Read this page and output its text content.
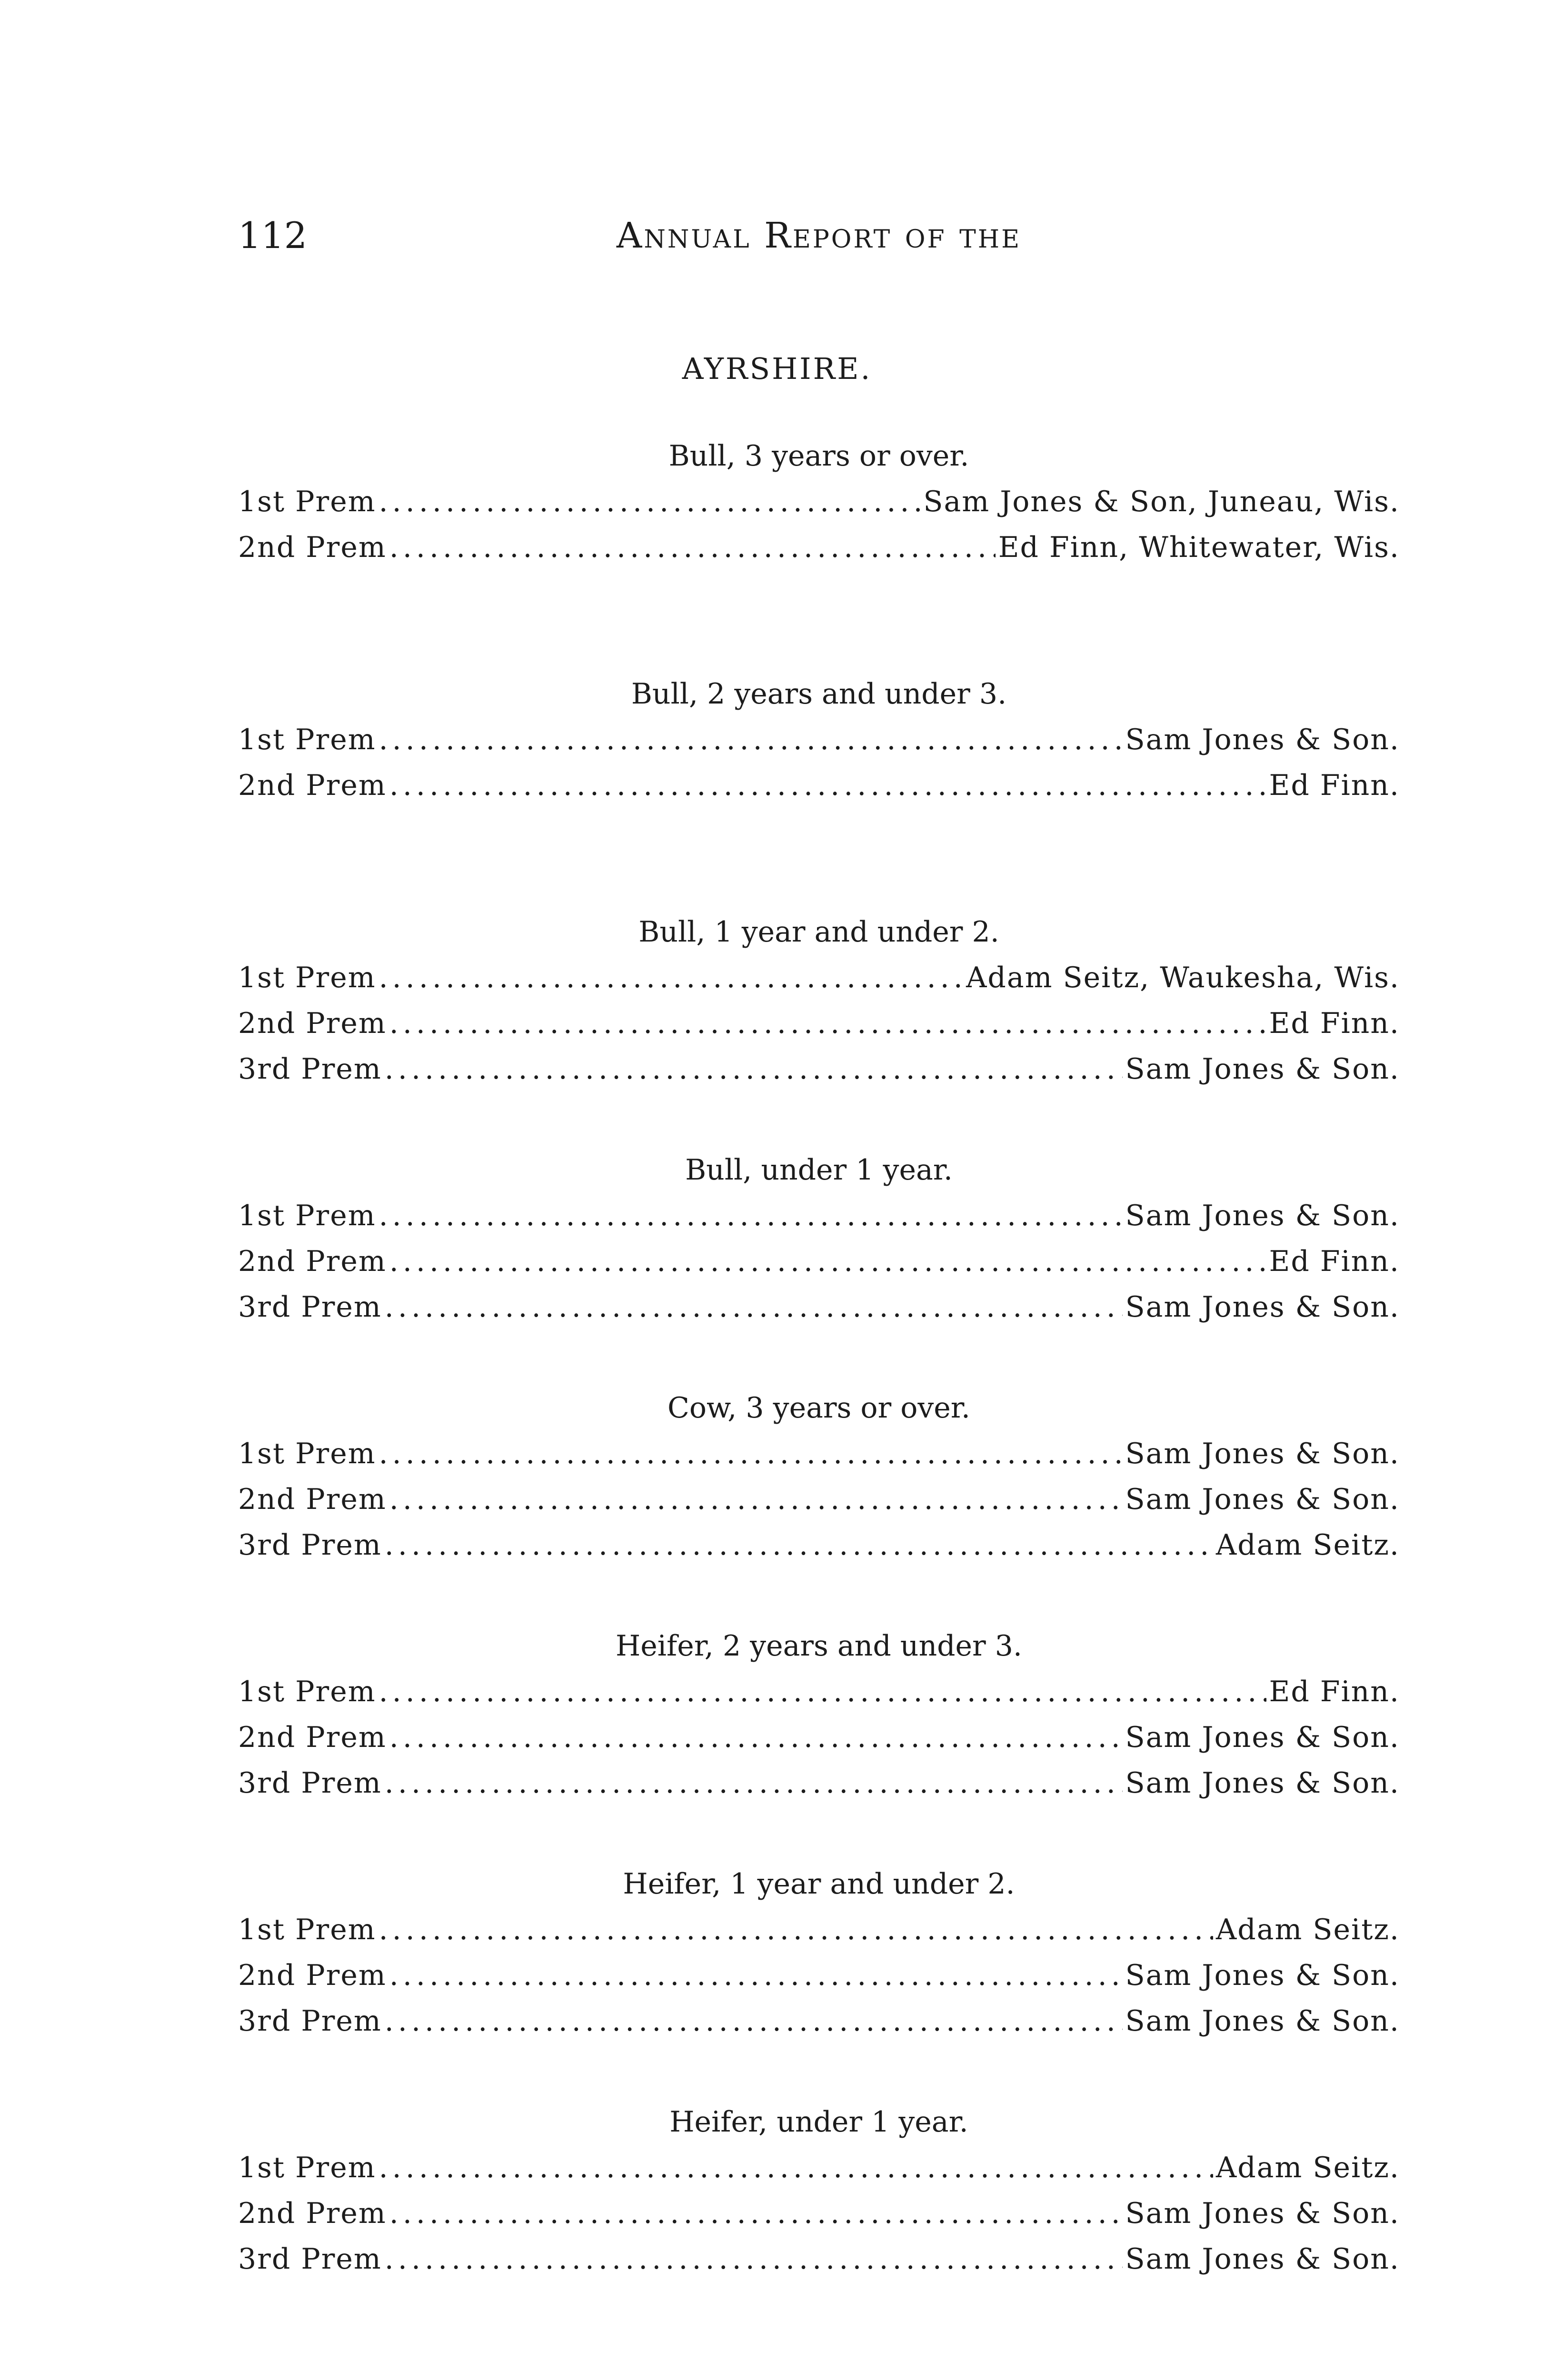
112	Annual Report of the
AYRSHIRE.
Bull, 3 years or over.
1st Prem .....	Sam Jones & Son, Juneau, Wis.
2nd Prem .....	Ed Finn, Whitewater, Wis.
Bull, 2 years and under 3.
1st Prem .....	Sam Jones & Son.
2nd Prem .....	Ed Finn.
Bull, 1 year and under 2.
1st Prem .....	Adam Seitz, Waukesha, Wis.
2nd Prem .....	Ed Finn.
3rd Prem .....	Sam Jones & Son.
Bull, under 1 year.
1st Prem .....	Sam Jones & Son.
2nd Prem .....	Ed Finn.
3rd Prem .....	Sam Jones & Son.
Cow, 3 years or over.
1st Prem .....	Sam Jones & Son.
2nd Prem .....	Sam Jones & Son.
3rd Prem .....	Adam Seitz.
Heifer, 2 years and under 3.
1st Prem .....	Ed Finn.
2nd Prem .....	Sam Jones & Son.
3rd Prem .....	Sam Jones & Son.
Heifer, 1 year and under 2.
1st Prem .....	Adam Seitz.
2nd Prem .....	Sam Jones & Son.
3rd Prem .....	Sam Jones & Son.
Heifer, under 1 year.
1st Prem .....	Adam Seitz.
2nd Prem .....	Sam Jones & Son.
3rd Prem .....	Sam Jones & Son.
